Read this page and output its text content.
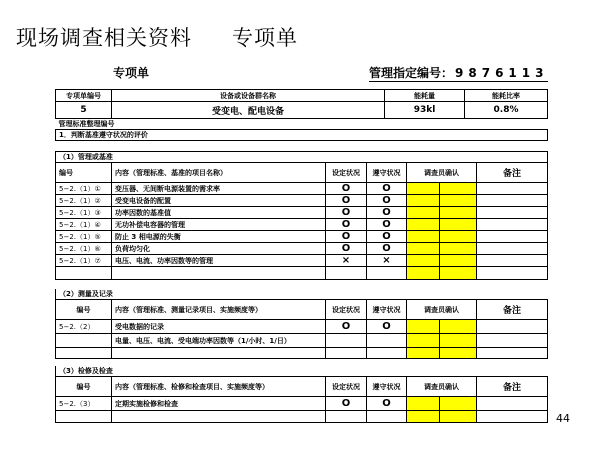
现场调查相关资料 专项单
专项单	管理指定编号： 9876113
专项单编号	设备或设备群名称	能耗量	能耗比率
5	受变电、配电设备	93kl	0.8%
管理标准整理编号			
1．判断基准遵守状况的评价			
（1）管理或基准						
编号	内容（管理标准、基准的项目名称）	设定状况	遵守状况	调查员确认		备注
5−2.（1）①	变压器、无间断电源装置的需求率	O	O			
5−2.（1）②	受变电设备的配置	O	O			
5−2.（1）③	功率因数的基准值	O	O			
5−2.（1）④	无功补偿电容器的管理	O	O			
5−2.（1）⑤	防止 3 相电源的失衡	O	O			
5−2.（1）⑥	负荷均匀化	O	O			
5−2.（1）⑦	电压、电流、功率因数等的管理	×	×			

（2）测量及记录						
编号	内容（管理标准、测量记录项目、实施频度等）	设定状况	遵守状况	调查员确认		备注
5−2.（2）	受电数据的记录	O	O			
	电量、电压、电流、受电端功率因数等（1/小时、1/日）					

（3）检修及检查						
编号	内容（管理标准、检修和检查项目、实施频度等）	设定状况	遵守状况	调查员确认		备注
5−2.（3）	定期实施检修和检查	O	O			

44
